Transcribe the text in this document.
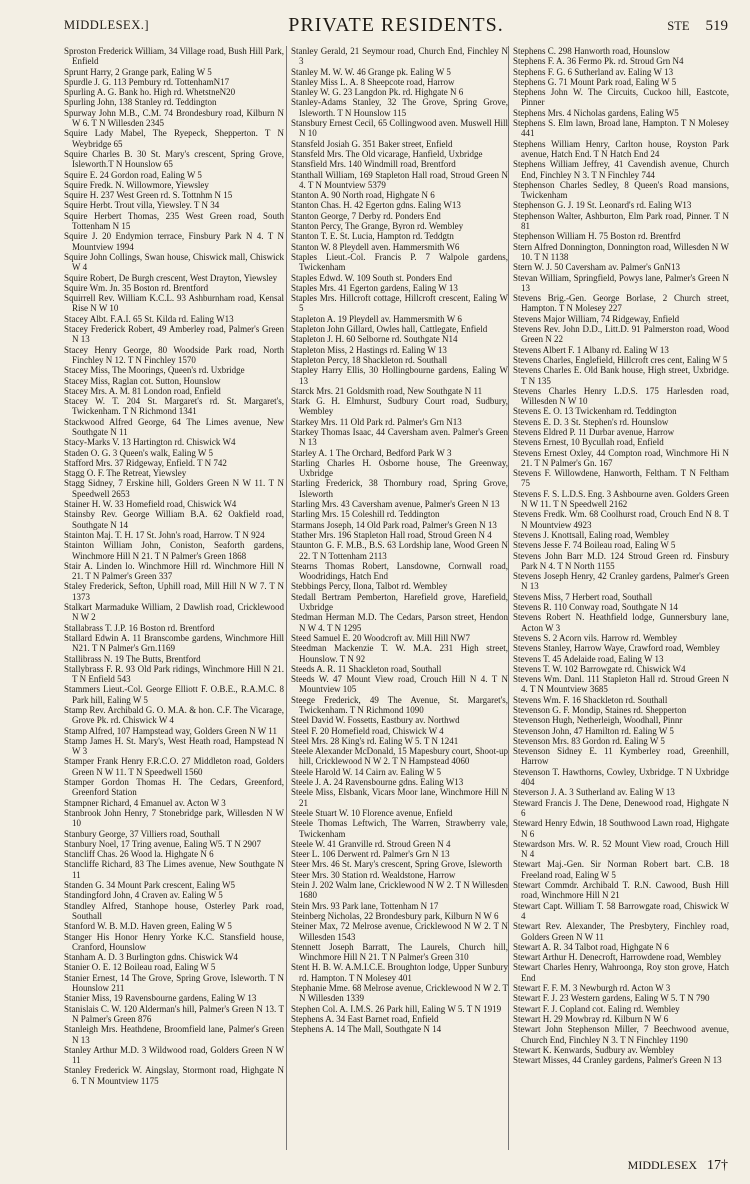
MIDDLESEX.]	PRIVATE RESIDENTS.	STE 519

Sproston Frederick William, 34 Village road, Bush Hill Park, Enfield

Sprunt Harry, 2 Grange park, Ealing W 5

Spurdle J. G. 113 Pembury rd. TottenhamN17

Spurling A. G. Bank ho. High rd. WhetstneN20

Spurling John, 138 Stanley rd. Teddington

Spurway John M.B., C.M. 74 Brondesbury road, Kilburn N W 6. T N Willesden 2345

Squire Lady Mabel, The Ryepeck, Shepperton. T N Weybridge 65

Squire Charles B. 30 St. Mary's crescent, Spring Grove, Isleworth.T N Hounslow 65

Squire E. 24 Gordon road, Ealing W 5

Squire Fredk. N. Willowmore, Yiewsley

Squire H. 237 West Green rd. S. Tottnhm N 15

Squire Herbt. Trout villa, Yiewsley. T N 34

Squire Herbert Thomas, 235 West Green road, South Tottenham N 15

Squire J. 20 Endymion terrace, Finsbury Park N 4. T N Mountview 1994

Squire John Collings, Swan house, Chiswick mall, Chiswick W 4

Squire Robert, De Burgh crescent, West Drayton, Yiewsley

Squire Wm. Jn. 35 Boston rd. Brentford

Squirrell Rev. William K.C.L. 93 Ashburnham road, Kensal Rise N W 10

Stacey Albt. F.A.I. 65 St. Kilda rd. Ealing W13

Stacey Frederick Robert, 49 Amberley road, Palmer's Green N 13

Stacey Henry George, 80 Woodside Park road, North Finchley N 12. T N Finchley 1570

Stacey Miss, The Moorings, Queen's rd. Uxbridge

Stacey Miss, Raglan cot. Sutton, Hounslow

Stacey Mrs. A. M. 81 London road, Enfield

Stacey W. T. 204 St. Margaret's rd. St. Margaret's, Twickenham. T N Richmond 1341

Stackwood Alfred George, 64 The Limes avenue, New Southgate N 11

Stacy-Marks V. 13 Hartington rd. Chiswick W4

Staden O. G. 3 Queen's walk, Ealing W 5

Stafford Mrs. 37 Ridgeway, Enfield. T N 742

Stagg O. F. The Retreat, Yiewsley

Stagg Sidney, 7 Erskine hill, Golders Green N W 11. T N Speedwell 2653

Stainer H. W. 33 Homefield road, Chiswick W4

Stainsby Rev. George William B.A. 62 Oakfield road, Southgate N 14

Stainton Maj. T. H. 17 St. John's road, Harrow. T N 924

Stainton William John, Coniston, Seaforth gardens, Winchmore Hill N 21. T N Palmer's Green 1868

Stair A. Linden lo. Winchmore Hill rd. Winchmore Hill N 21. T N Palmer's Green 337

Staley Frederick, Sefton, Uphill road, Mill Hill N W 7. T N 1373

Stalkart Marmaduke William, 2 Dawlish road, Cricklewood N W 2

Stallabrass T. J.P. 16 Boston rd. Brentford

Stallard Edwin A. 11 Branscombe gardens, Winchmore Hill N21. T N Palmer's Grn.1169

Stallibrass N. 19 The Butts, Brentford

Stallybrass F. R. 93 Old Park ridings, Winchmore Hill N 21. T N Enfield 543

Stammers Lieut.-Col. George Elliott F. O.B.E., R.A.M.C. 8 Park hill, Ealing W 5

Stamp Rev. Archibald G. O. M.A. & hon. C.F. The Vicarage, Grove Pk. rd. Chiswick W 4

Stamp Alfred, 107 Hampstead way, Golders Green N W 11

Stamp James H. St. Mary's, West Heath road, Hampstead N W 3

Stamper Frank Henry F.R.C.O. 27 Middleton road, Golders Green N W 11. T N Speedwell 1560

Stamper Gordon Thomas H. The Cedars, Greenford, Greenford Station

Stampner Richard, 4 Emanuel av. Acton W 3

Stanbrook John Henry, 7 Stonebridge park, Willesden N W 10

Stanbury George, 37 Villiers road, Southall

Stanbury Noel, 17 Tring avenue, Ealing W5. T N 2907

Stancliff Chas. 26 Wood la. Highgate N 6

Stancliffe Richard, 83 The Limes avenue, New Southgate N 11

Standen G. 34 Mount Park crescent, Ealing W5

Standingford John, 4 Craven av. Ealing W 5

Standley Alfred, Stanhope house, Osterley Park road, Southall

Stanford W. B. M.D. Haven green, Ealing W 5

Stanger His Honor Henry Yorke K.C. Stansfield house, Cranford, Hounslow

Stanham A. D. 3 Burlington gdns. Chiswick W4

Stanier O. E. 12 Boileau road, Ealing W 5

Stanier Ernest, 14 The Grove, Spring Grove, Isleworth. T N Hounslow 211

Stanier Miss, 19 Ravensbourne gardens, Ealing W 13

Stanislais C. W. 120 Alderman's hill, Palmer's Green N 13. T N Palmer's Green 876

Stanleigh Mrs. Heathdene, Broomfield lane, Palmer's Green N 13

Stanley Arthur M.D. 3 Wildwood road, Golders Green N W 11

Stanley Frederick W. Aingslay, Stormont road, Highgate N 6. T N Mountview 1175

Stanley Gerald, 21 Seymour road, Church End, Finchley N 3

Stanley M. W. W. 46 Grange pk. Ealing W 5

Stanley Miss L. A. 8 Sheepcote road, Harrow

Stanley W. G. 23 Langdon Pk. rd. Highgate N 6

Stanley-Adams Stanley, 32 The Grove, Spring Grove, Isleworth. T N Hounslow 115

Stansbury Ernest Cecil, 65 Collingwood aven. Muswell Hill N 10

Stansfeld Josiah G. 351 Baker street, Enfield

Stansfeld Mrs. The Old vicarage, Hanfield, Uxbridge

Stansfield Mrs. 140 Windmill road, Brentford

Stanthall William, 169 Stapleton Hall road, Stroud Green N 4. T N Mountview 5379

Stanton A. 90 North road, Highgate N 6

Stanton Chas. H. 42 Egerton gdns. Ealing W13

Stanton George, 7 Derby rd. Ponders End

Stanton Percy, The Grange, Byron rd. Wembley

Stanton T. E. St. Lucia, Hampton rd. Teddgtn

Stanton W. 8 Pleydell aven. Hammersmith W6

Staples Lieut.-Col. Francis P. 7 Walpole gardens, Twickenham

Staples Edwd. W. 109 South st. Ponders End

Staples Mrs. 41 Egerton gardens, Ealing W 13

Staples Mrs. Hillcroft cottage, Hillcroft crescent, Ealing W 5

Stapleton A. 19 Pleydell av. Hammersmith W 6

Stapleton John Gillard, Owles hall, Cattlegate, Enfield

Stapleton J. H. 60 Selborne rd. Southgate N14

Stapleton Miss, 2 Hastings rd. Ealing W 13

Stapleton Percy, 18 Shackleton rd. Southall

Stapley Harry Ellis, 30 Hollingbourne gardens, Ealing W 13

Starck Mrs. 21 Goldsmith road, New Southgate N 11

Stark G. H. Elmhurst, Sudbury Court road, Sudbury, Wembley

Starkey Mrs. 11 Old Park rd. Palmer's Grn N13

Starkey Thomas Isaac, 44 Caversham aven. Palmer's Green N 13

Starley A. 1 The Orchard, Bedford Park W 3

Starling Charles H. Osborne house, The Greenway, Uxbridge

Starling Frederick, 38 Thornbury road, Spring Grove, Isleworth

Starling Mrs. 43 Caversham avenue, Palmer's Green N 13

Starling Mrs. 15 Coleshill rd. Teddington

Starmans Joseph, 14 Old Park road, Palmer's Green N 13

Stather Mrs. 196 Stapleton Hall road, Stroud Green N 4

Staunton G. F. M.B., B.S. 63 Lordship lane, Wood Green N 22. T N Tottenham 2113

Stearns Thomas Robert, Lansdowne, Cornwall road, Woodridings, Hatch End

Stebbings Percy, Ilona, Talbot rd. Wembley

Stedall Bertram Pemberton, Harefield grove, Harefield, Uxbridge

Stedman Herman M.D. The Cedars, Parson street, Hendon N W 4. T N 1295

Steed Samuel E. 20 Woodcroft av. Mill Hill NW7

Steedman Mackenzie T. W. M.A. 231 High street, Hounslow. T N 92

Steeds A. R. 11 Shackleton road, Southall

Steeds W. 47 Mount View road, Crouch Hill N 4. T N Mountview 105

Steege Frederick, 49 The Avenue, St. Margaret's, Twickenham. T N Richmond 1090

Steel David W. Fossetts, Eastbury av. Northwd

Steel F. 20 Homefield road, Chiswick W 4

Steel Mrs. 28 King's rd. Ealing W 5. T N 1241

Steele Alexander McDonald, 15 Mapesbury court, Shoot-up hill, Cricklewood N W 2. T N Hampstead 4060

Steele Harold W. 14 Cairn av. Ealing W 5

Steele J. A. 24 Ravensbourne gdns. Ealing W13

Steele Miss, Elsbank, Vicars Moor lane, Winchmore Hill N 21

Steele Stuart W. 10 Florence avenue, Enfield

Steele Thomas Leftwich, The Warren, Strawberry vale, Twickenham

Steele W. 41 Granville rd. Stroud Green N 4

Steer L. 106 Derwent rd. Palmer's Grn N 13

Steer Mrs. 46 St. Mary's crescent, Spring Grove, Isleworth

Steer Mrs. 30 Station rd. Wealdstone, Harrow

Stein J. 202 Walm lane, Cricklewood N W 2. T N Willesden 1680

Stein Mrs. 93 Park lane, Tottenham N 17

Steinberg Nicholas, 22 Brondesbury park, Kilburn N W 6

Steiner Max, 72 Melrose avenue, Cricklewood N W 2. T N Willesden 1543

Stennett Joseph Barratt, The Laurels, Church hill, Winchmore Hill N 21. T N Palmer's Green 310

Stent H. B. W. A.M.I.C.E. Broughton lodge, Upper Sunbury rd. Hampton. T N Molesey 401

Stephanie Mme. 68 Melrose avenue, Cricklewood N W 2. T N Willesden 1339

Stephen Col. A. I.M.S. 26 Park hill, Ealing W 5. T N 1919

Stephens A. 34 East Barnet road, Enfield

Stephens A. 14 The Mall, Southgate N 14

Stephens C. 298 Hanworth road, Hounslow

Stephens F. A. 36 Fermo Pk. rd. Stroud Grn N4

Stephens F. G. 6 Sutherland av. Ealing W 13

Stephens G. 71 Mount Park road, Ealing W 5

Stephens John W. The Circuits, Cuckoo hill, Eastcote, Pinner

Stephens Mrs. 4 Nicholas gardens, Ealing W5

Stephens S. Elm lawn, Broad lane, Hampton. T N Molesey 441

Stephens William Henry, Carlton house, Royston Park avenue, Hatch End. T N Hatch End 24

Stephens William Jeffrey, 41 Cavendish avenue, Church End, Finchley N 3. T N Finchley 744

Stephenson Charles Sedley, 8 Queen's Road mansions, Twickenham

Stephenson G. J. 19 St. Leonard's rd. Ealing W13

Stephenson Walter, Ashburton, Elm Park road, Pinner. T N 81

Stephenson William H. 75 Boston rd. Brentfrd

Stern Alfred Donnington, Donnington road, Willesden N W 10. T N 1138

Stern W. J. 50 Caversham av. Palmer's GnN13

Stevan William, Springfield, Powys lane, Palmer's Green N 13

Stevens Brig.-Gen. George Borlase, 2 Church street, Hampton. T N Molesey 227

Stevens Major William, 74 Ridgeway, Enfield

Stevens Rev. John D.D., Litt.D. 91 Palmerston road, Wood Green N 22

Stevens Albert F. 1 Albany rd. Ealing W 13

Stevens Charles, Englefield, Hillcroft cres cent, Ealing W 5

Stevens Charles E. Old Bank house, High street, Uxbridge. T N 135

Stevens Charles Henry L.D.S. 175 Harlesden road, Willesden N W 10

Stevens E. O. 13 Twickenham rd. Teddington

Stevens E. D. 3 St. Stephen's rd. Hounslow

Stevens Eldred P. 11 Durbar avenue, Harrow

Stevens Ernest, 10 Bycullah road, Enfield

Stevens Ernest Oxley, 44 Compton road, Winchmore Hi N 21. T N Palmer's Gn. 167

Stevens F. Willowdene, Hanworth, Feltham. T N Feltham 75

Stevens F. S. L.D.S. Eng. 3 Ashbourne aven. Golders Green N W 11. T N Speedwell 2162

Stevens Fredk. Wm. 68 Coolhurst road, Crouch End N 8. T N Mountview 4923

Stevens J. Knottsall, Ealing road, Wembley

Stevens Jesse F. 74 Boileau road, Ealing W 5

Stevens John Barr M.D. 124 Stroud Green rd. Finsbury Park N 4. T N North 1155

Stevens Joseph Henry, 42 Cranley gardens, Palmer's Green N 13

Stevens Miss, 7 Herbert road, Southall

Stevens R. 110 Conway road, Southgate N 14

Stevens Robert N. Heathfield lodge, Gunnersbury lane, Acton W 3

Stevens S. 2 Acorn vils. Harrow rd. Wembley

Stevens Stanley, Harrow Waye, Crawford road, Wembley

Stevens T. 45 Adelaide road, Ealing W 13

Stevens T. W. 102 Barrowgate rd. Chiswick W4

Stevens Wm. Danl. 111 Stapleton Hall rd. Stroud Green N 4. T N Mountview 3685

Stevens Wm. F. 16 Shackleton rd. Southall

Stevenson G. F. Mondip, Staines rd. Shepperton

Stevenson Hugh, Netherleigh, Woodhall, Pinnr

Stevenson John, 47 Hamilton rd. Ealing W 5

Stevenson Mrs. 83 Gordon rd. Ealing W 5

Stevenson Sidney E. 11 Kymberley road, Greenhill, Harrow

Stevenson T. Hawthorns, Cowley, Uxbridge. T N Uxbridge 404

Steverson J. A. 3 Sutherland av. Ealing W 13

Steward Francis J. The Dene, Denewood road, Highgate N 6

Steward Henry Edwin, 18 Southwood Lawn road, Highgate N 6

Stewardson Mrs. W. R. 52 Mount View road, Crouch Hill N 4

Stewart Maj.-Gen. Sir Norman Robert bart. C.B. 18 Freeland road, Ealing W 5

Stewart Commdr. Archibald T. R.N. Cawood, Bush Hill road, Winchmore Hill N 21

Stewart Capt. William T. 58 Barrowgate road, Chiswick W 4

Stewart Rev. Alexander, The Presbytery, Finchley road, Golders Green N W 11

Stewart A. R. 34 Talbot road, Highgate N 6

Stewart Arthur H. Denecroft, Harrowdene road, Wembley

Stewart Charles Henry, Wahroonga, Roy ston grove, Hatch End

Stewart F. F. M. 3 Newburgh rd. Acton W 3

Stewart F. J. 23 Western gardens, Ealing W 5. T N 790

Stewart F. J. Copland cot. Ealing rd. Wembley

Stewart H. 29 Mowbray rd. Kilburn N W 6

Stewart John Stephenson Miller, 7 Beechwood avenue, Church End, Finchley N 3. T N Finchley 1190

Stewart K. Kenwards, Sudbury av. Wembley

Stewart Misses, 44 Cranley gardens, Palmer's Green N 13

MIDDLESEX 17†
